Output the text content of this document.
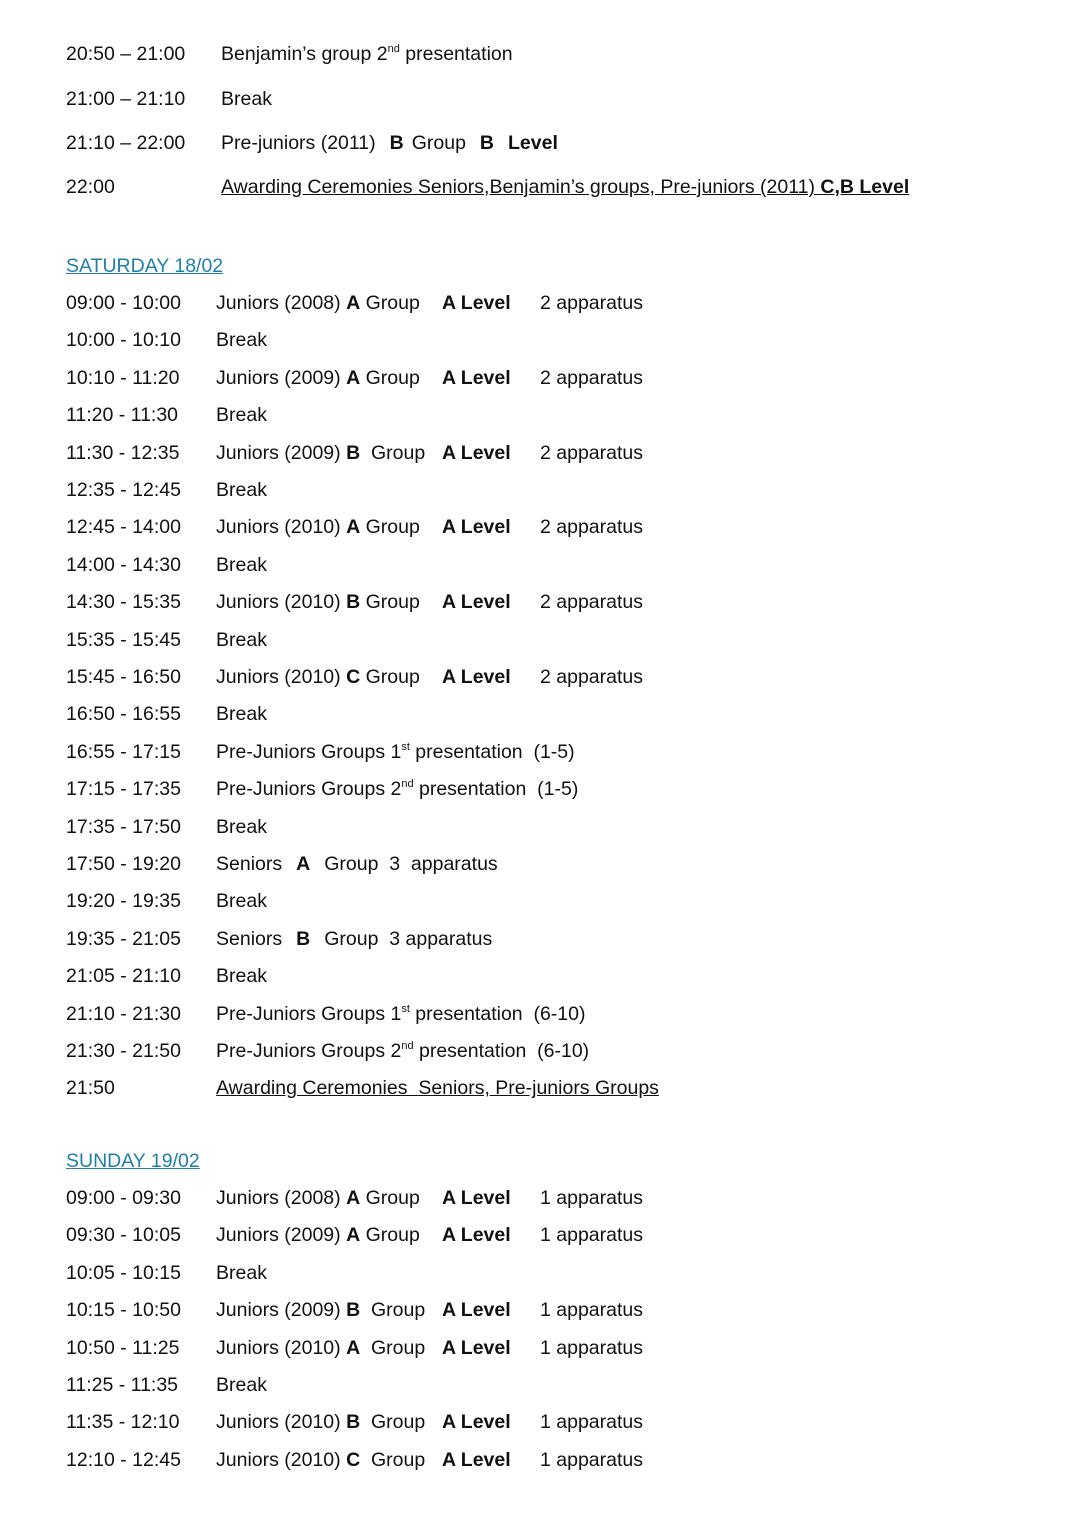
20:50 – 21:00 Benjamin’s group 2nd presentation
21:00 – 21:10 Break
21:10 – 22:00 Pre-juniors (2011) B Group B Level
22:00	Awarding Ceremonies Seniors,Benjamin’s groups, Pre-juniors (2011) C,B Level
SATURDAY 18/02
09:00 - 10:00 Juniors (2008) A Group A Level 2 apparatus
10:00 - 10:10 Break
10:10 - 11:20 Juniors (2009) A Group A Level 2 apparatus
11:20 - 11:30 Break
11:30 - 12:35 Juniors (2009) B  Group A Level 2 apparatus
12:35 - 12:45 Break
12:45 - 14:00 Juniors (2010) A Group A Level 2 apparatus
14:00 - 14:30 Break
14:30 - 15:35 Juniors (2010) B Group A Level 2 apparatus
15:35 - 15:45 Break
15:45 - 16:50 Juniors (2010) C Group A Level 2 apparatus
16:50 - 16:55 Break
16:55 - 17:15 Pre-Juniors Groups 1st presentation  (1-5)
17:15 - 17:35 Pre-Juniors Groups 2nd presentation  (1-5)
17:35 - 17:50 Break
17:50 - 19:20 Seniors A Group  3  apparatus
19:20 - 19:35 Break
19:35 - 21:05 Seniors B Group  3 apparatus
21:05 - 21:10 Break
21:10 - 21:30 Pre-Juniors Groups 1st presentation  (6-10)
21:30 - 21:50 Pre-Juniors Groups 2nd presentation  (6-10)
21:50	Awarding Ceremonies  Seniors, Pre-juniors Groups
SUNDAY 19/02
09:00 - 09:30 Juniors (2008) A Group A Level 1 apparatus
09:30 - 10:05 Juniors (2009) A Group A Level 1 apparatus
10:05 - 10:15 Break
10:15 - 10:50 Juniors (2009) B  Group A Level 1 apparatus
10:50 - 11:25 Juniors (2010) A  Group A Level 1 apparatus
11:25 - 11:35 Break
11:35 - 12:10 Juniors (2010) B  Group A Level 1 apparatus
12:10 - 12:45 Juniors (2010) C  Group A Level 1 apparatus
